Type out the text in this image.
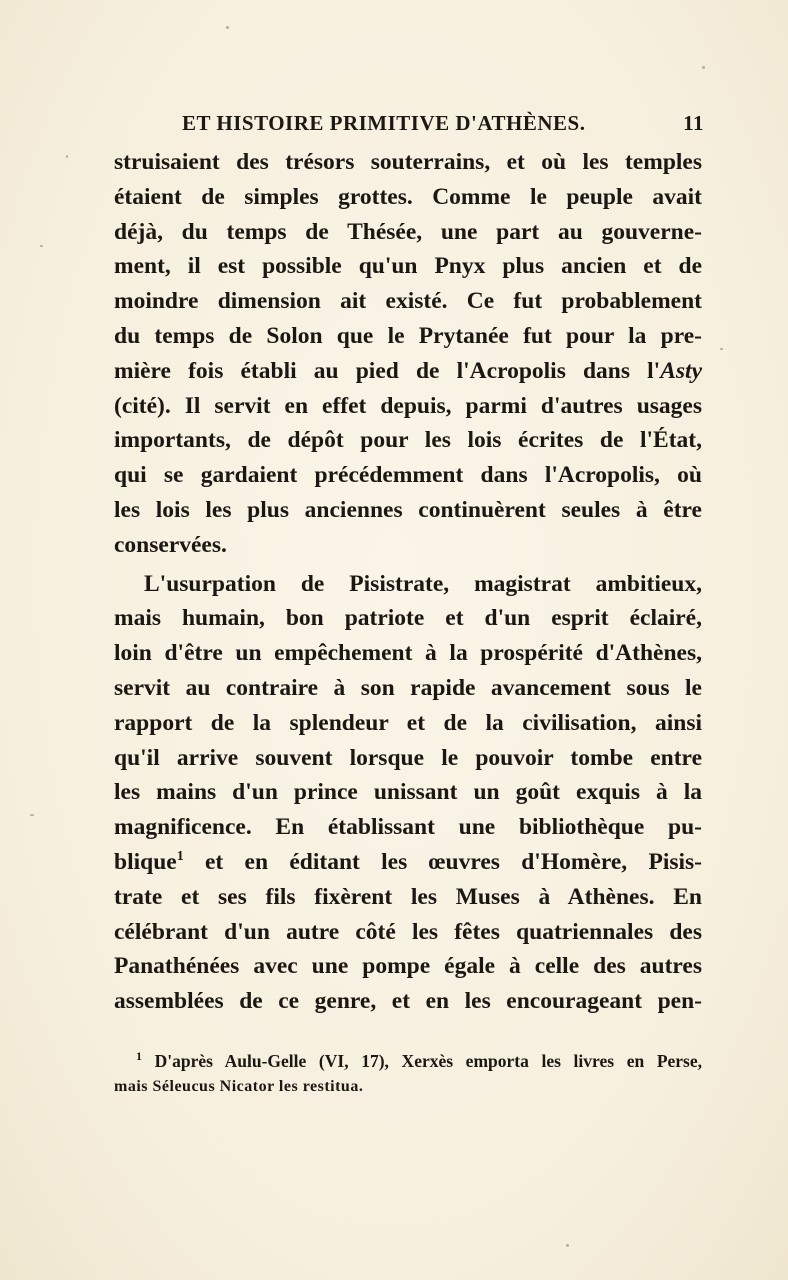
ET HISTOIRE PRIMITIVE D'ATHÈNES.	11
struisaient des trésors souterrains, et où les temples
étaient de simples grottes. Comme le peuple avait
déjà, du temps de Thésée, une part au gouverne-
ment, il est possible qu'un Pnyx plus ancien et de
moindre dimension ait existé. Ce fut probablement
du temps de Solon que le Prytanée fut pour la pre-
mière fois établi au pied de l'Acropolis dans l'Asty
(cité). Il servit en effet depuis, parmi d'autres usages
importants, de dépôt pour les lois écrites de l'État,
qui se gardaient précédemment dans l'Acropolis, où
les lois les plus anciennes continuèrent seules à être
conservées.
L'usurpation de Pisistrate, magistrat ambitieux,
mais humain, bon patriote et d'un esprit éclairé,
loin d'être un empêchement à la prospérité d'Athènes,
servit au contraire à son rapide avancement sous le
rapport de la splendeur et de la civilisation, ainsi
qu'il arrive souvent lorsque le pouvoir tombe entre
les mains d'un prince unissant un goût exquis à la
magnificence. En établissant une bibliothèque pu-
blique$^1$ et en éditant les œuvres d'Homère, Pisis-
trate et ses fils fixèrent les Muses à Athènes. En
célébrant d'un autre côté les fêtes quatriennales des
Panathénées avec une pompe égale à celle des autres
assemblées de ce genre, et en les encourageant pen-
$^1$ D'après Aulu-Gelle (VI, 17), Xerxès emporta les livres en Perse,
mais Séleucus Nicator les restitua.
